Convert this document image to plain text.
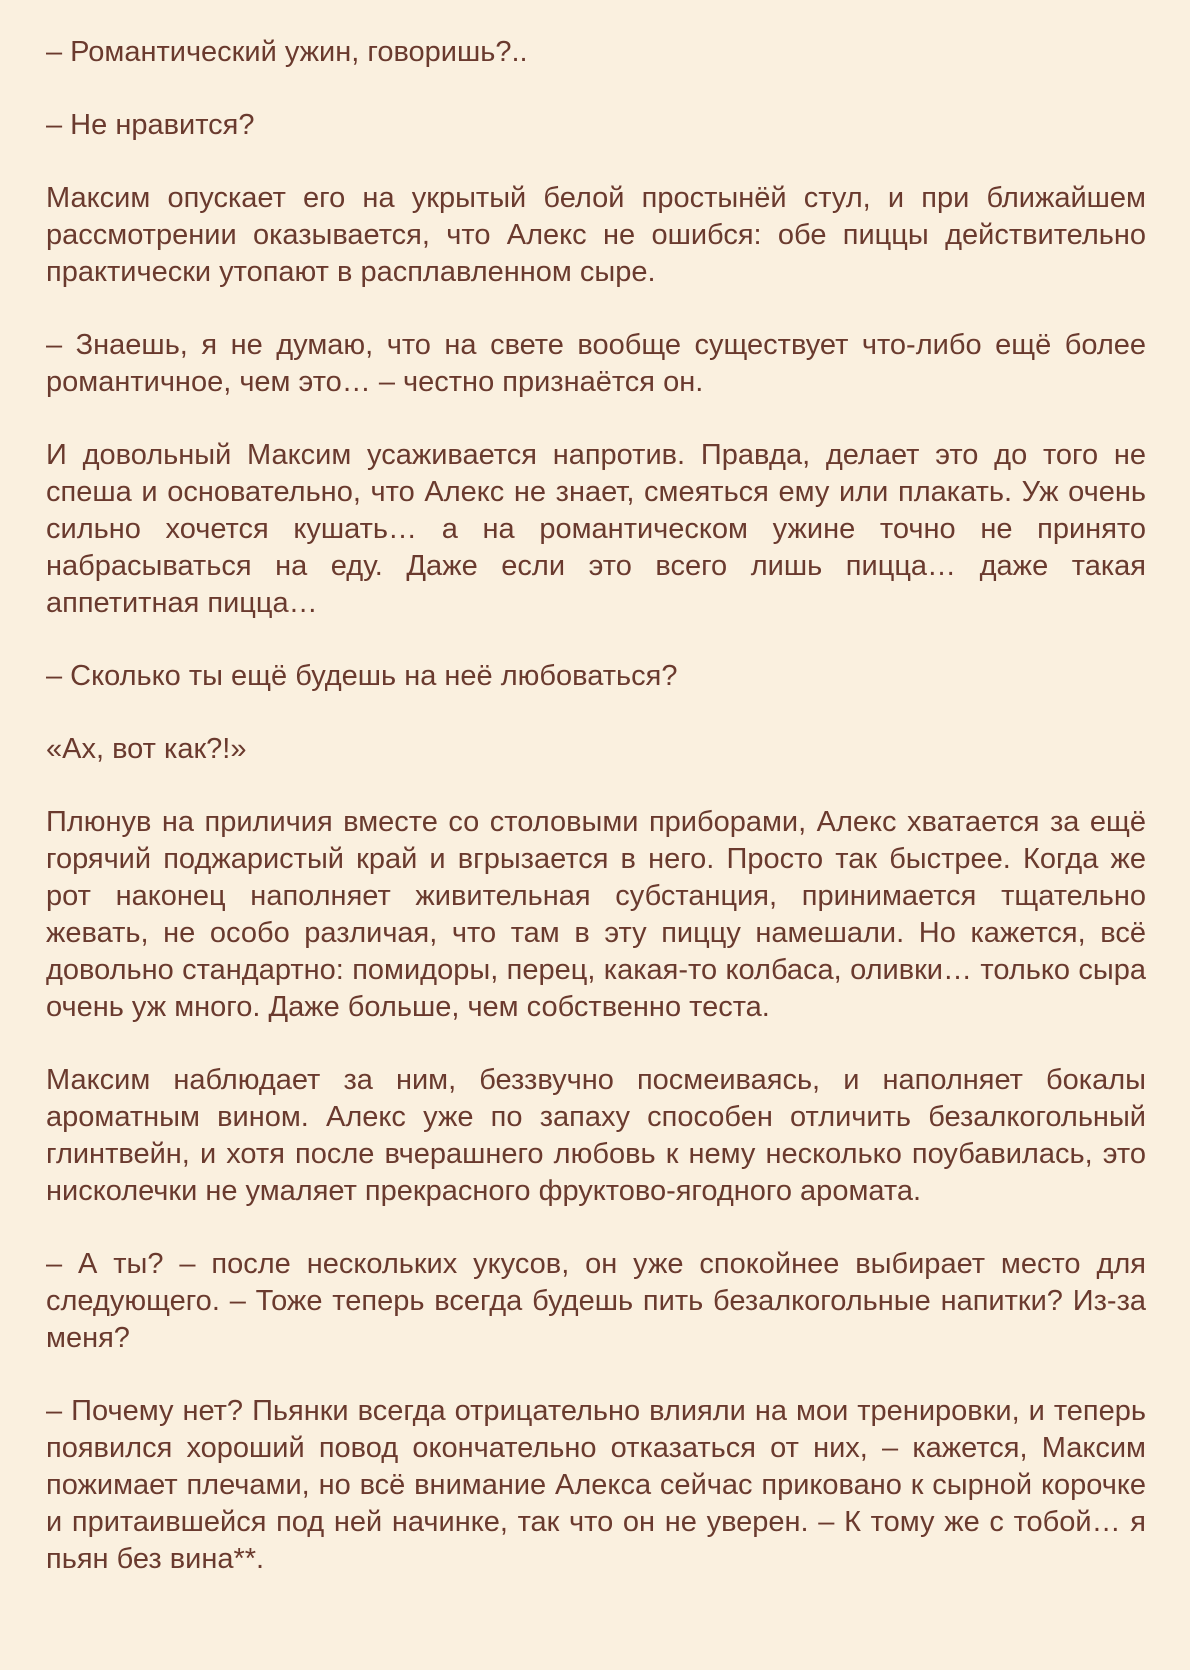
– Романтический ужин, говоришь?..

– Не нравится?

Максим опускает его на укрытый белой простынёй стул, и при ближайшем рассмотрении оказывается, что Алекс не ошибся: обе пиццы действительно практически утопают в расплавленном сыре.

– Знаешь, я не думаю, что на свете вообще существует что-либо ещё более романтичное, чем это… – честно признаётся он.

И довольный Максим усаживается напротив. Правда, делает это до того не спеша и основательно, что Алекс не знает, смеяться ему или плакать. Уж очень сильно хочется кушать… а на романтическом ужине точно не принято набрасываться на еду. Даже если это всего лишь пицца… даже такая аппетитная пицца…

– Сколько ты ещё будешь на неё любоваться?

«Ах, вот как?!»

Плюнув на приличия вместе со столовыми приборами, Алекс хватается за ещё горячий поджаристый край и вгрызается в него. Просто так быстрее. Когда же рот наконец наполняет живительная субстанция, принимается тщательно жевать, не особо различая, что там в эту пиццу намешали. Но кажется, всё довольно стандартно: помидоры, перец, какая-то колбаса, оливки… только сыра очень уж много. Даже больше, чем собственно теста.

Максим наблюдает за ним, беззвучно посмеиваясь, и наполняет бокалы ароматным вином. Алекс уже по запаху способен отличить безалкогольный глинтвейн, и хотя после вчерашнего любовь к нему несколько поубавилась, это нисколечки не умаляет прекрасного фруктово-ягодного аромата.

– А ты? – после нескольких укусов, он уже спокойнее выбирает место для следующего. – Тоже теперь всегда будешь пить безалкогольные напитки? Из-за меня?

– Почему нет? Пьянки всегда отрицательно влияли на мои тренировки, и теперь появился хороший повод окончательно отказаться от них, – кажется, Максим пожимает плечами, но всё внимание Алекса сейчас приковано к сырной корочке и притаившейся под ней начинке, так что он не уверен. – К тому же с тобой… я пьян без вина**.
